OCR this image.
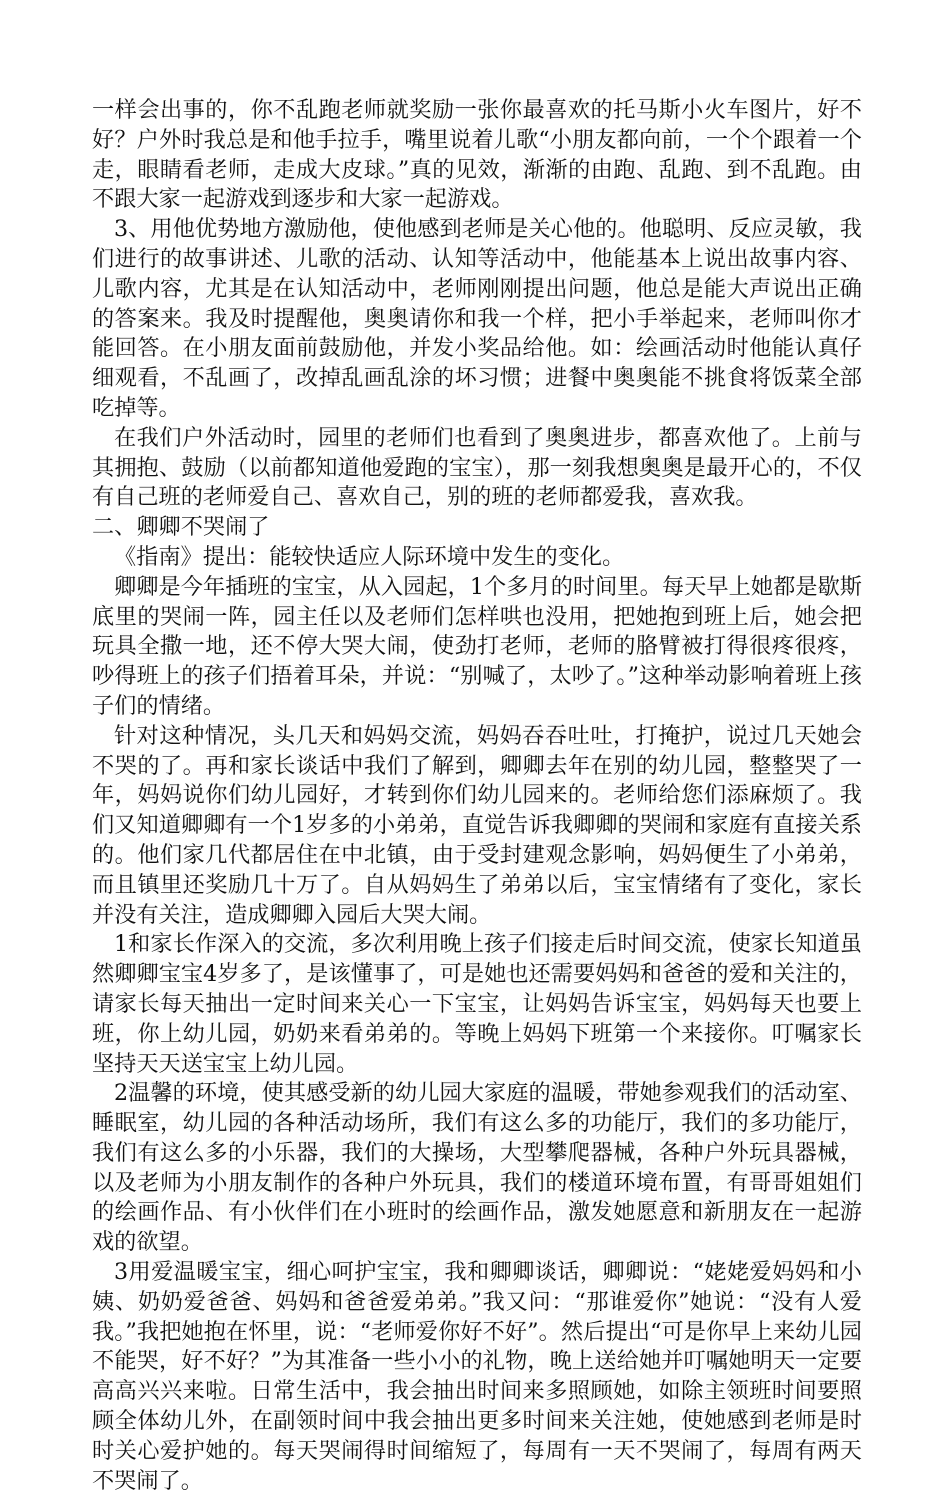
一样会出事的，你不乱跑老师就奖励一张你最喜欢的托马斯小火车图片，好不好？户外时我总是和他手拉手，嘴里说着儿歌“小朋友都向前，一个个跟着一个走，眼睛看老师，走成大皮球。”真的见效，渐渐的由跑、乱跑、到不乱跑。由不跟大家一起游戏到逐步和大家一起游戏。

3、用他优势地方激励他，使他感到老师是关心他的。他聪明、反应灵敏，我们进行的故事讲述、儿歌的活动、认知等活动中，他能基本上说出故事内容、儿歌内容，尤其是在认知活动中，老师刚刚提出问题，他总是能大声说出正确的答案来。我及时提醒他，奥奥请你和我一个样，把小手举起来，老师叫你才能回答。在小朋友面前鼓励他，并发小奖品给他。如：绘画活动时他能认真仔细观看，不乱画了，改掉乱画乱涂的坏习惯；进餐中奥奥能不挑食将饭菜全部吃掉等。

在我们户外活动时，园里的老师们也看到了奥奥进步，都喜欢他了。上前与其拥抱、鼓励（以前都知道他爱跑的宝宝），那一刻我想奥奥是最开心的，不仅有自己班的老师爱自己、喜欢自己，别的班的老师都爱我，喜欢我。

二、卿卿不哭闹了

《指南》提出：能较快适应人际环境中发生的变化。

卿卿是今年插班的宝宝，从入园起，1个多月的时间里。每天早上她都是歇斯底里的哭闹一阵，园主任以及老师们怎样哄也没用，把她抱到班上后，她会把玩具全撒一地，还不停大哭大闹，使劲打老师，老师的胳臂被打得很疼很疼，吵得班上的孩子们捂着耳朵，并说：“别喊了，太吵了。”这种举动影响着班上孩子们的情绪。

针对这种情况，头几天和妈妈交流，妈妈吞吞吐吐，打掩护，说过几天她会不哭的了。再和家长谈话中我们了解到，卿卿去年在别的幼儿园，整整哭了一年，妈妈说你们幼儿园好，才转到你们幼儿园来的。老师给您们添麻烦了。我们又知道卿卿有一个1岁多的小弟弟，直觉告诉我卿卿的哭闹和家庭有直接关系的。他们家几代都居住在中北镇，由于受封建观念影响，妈妈便生了小弟弟，而且镇里还奖励几十万了。自从妈妈生了弟弟以后，宝宝情绪有了变化，家长并没有关注，造成卿卿入园后大哭大闹。

1和家长作深入的交流，多次利用晚上孩子们接走后时间交流，使家长知道虽然卿卿宝宝4岁多了，是该懂事了，可是她也还需要妈妈和爸爸的爱和关注的，请家长每天抽出一定时间来关心一下宝宝，让妈妈告诉宝宝，妈妈每天也要上班，你上幼儿园，奶奶来看弟弟的。等晚上妈妈下班第一个来接你。叮嘱家长坚持天天送宝宝上幼儿园。

2温馨的环境，使其感受新的幼儿园大家庭的温暖，带她参观我们的活动室、睡眠室，幼儿园的各种活动场所，我们有这么多的功能厅，我们的多功能厅，我们有这么多的小乐器，我们的大操场，大型攀爬器械，各种户外玩具器械，以及老师为小朋友制作的各种户外玩具，我们的楼道环境布置，有哥哥姐姐们的绘画作品、有小伙伴们在小班时的绘画作品，激发她愿意和新朋友在一起游戏的欲望。

3用爱温暖宝宝，细心呵护宝宝，我和卿卿谈话，卿卿说：“姥姥爱妈妈和小姨、奶奶爱爸爸、妈妈和爸爸爱弟弟。”我又问：“那谁爱你”她说：“没有人爱我。”我把她抱在怀里，说：“老师爱你好不好”。然后提出“可是你早上来幼儿园不能哭，好不好？”为其准备一些小小的礼物，晚上送给她并叮嘱她明天一定要高高兴兴来啦。日常生活中，我会抽出时间来多照顾她，如除主领班时间要照顾全体幼儿外，在副领时间中我会抽出更多时间来关注她，使她感到老师是时时关心爱护她的。每天哭闹得时间缩短了，每周有一天不哭闹了，每周有两天不哭闹了。
